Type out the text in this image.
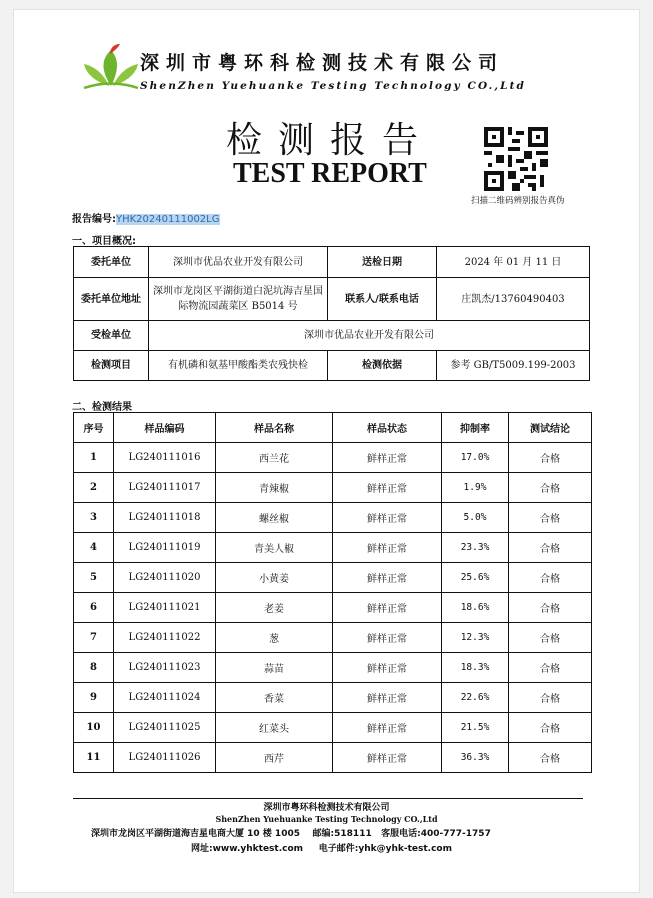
深圳市粤环科检测技术有限公司
ShenZhen Yuehuanke Testing Technology CO.,Ltd
检测报告
TEST REPORT
扫描二维码辨别报告真伪
报告编号:YHK20240111002LG
一、项目概况:
委托单位	深圳市优品农业开发有限公司	送检日期	2024 年 01 月 11 日
委托单位地址	深圳市龙岗区平湖街道白泥坑海吉星国际物流园蔬菜区 B5014 号	联系人/联系电话	庄凯杰/13760490403
受检单位	深圳市优品农业开发有限公司		
检测项目	有机磷和氨基甲酸酯类农残快检	检测依据	参考 GB/T5009.199-2003
二、检测结果
序号	样品编码	样品名称	样品状态	抑制率	测试结论
1	LG240111016	西兰花	鲜样正常	17.0%	合格
2	LG240111017	青辣椒	鲜样正常	1.9%	合格
3	LG240111018	螺丝椒	鲜样正常	5.0%	合格
4	LG240111019	青美人椒	鲜样正常	23.3%	合格
5	LG240111020	小黄姜	鲜样正常	25.6%	合格
6	LG240111021	老姜	鲜样正常	18.6%	合格
7	LG240111022	葱	鲜样正常	12.3%	合格
8	LG240111023	蒜苗	鲜样正常	18.3%	合格
9	LG240111024	香菜	鲜样正常	22.6%	合格
10	LG240111025	红菜头	鲜样正常	21.5%	合格
11	LG240111026	西芹	鲜样正常	36.3%	合格
深圳市粤环科检测技术有限公司
ShenZhen Yuehuanke Testing Technology CO.,Ltd
深圳市龙岗区平湖街道海吉星电商大厦 10 楼 1005 邮编:518111 客服电话:400-777-1757
网址:www.yhktest.com 电子邮件:yhk@yhk-test.com
